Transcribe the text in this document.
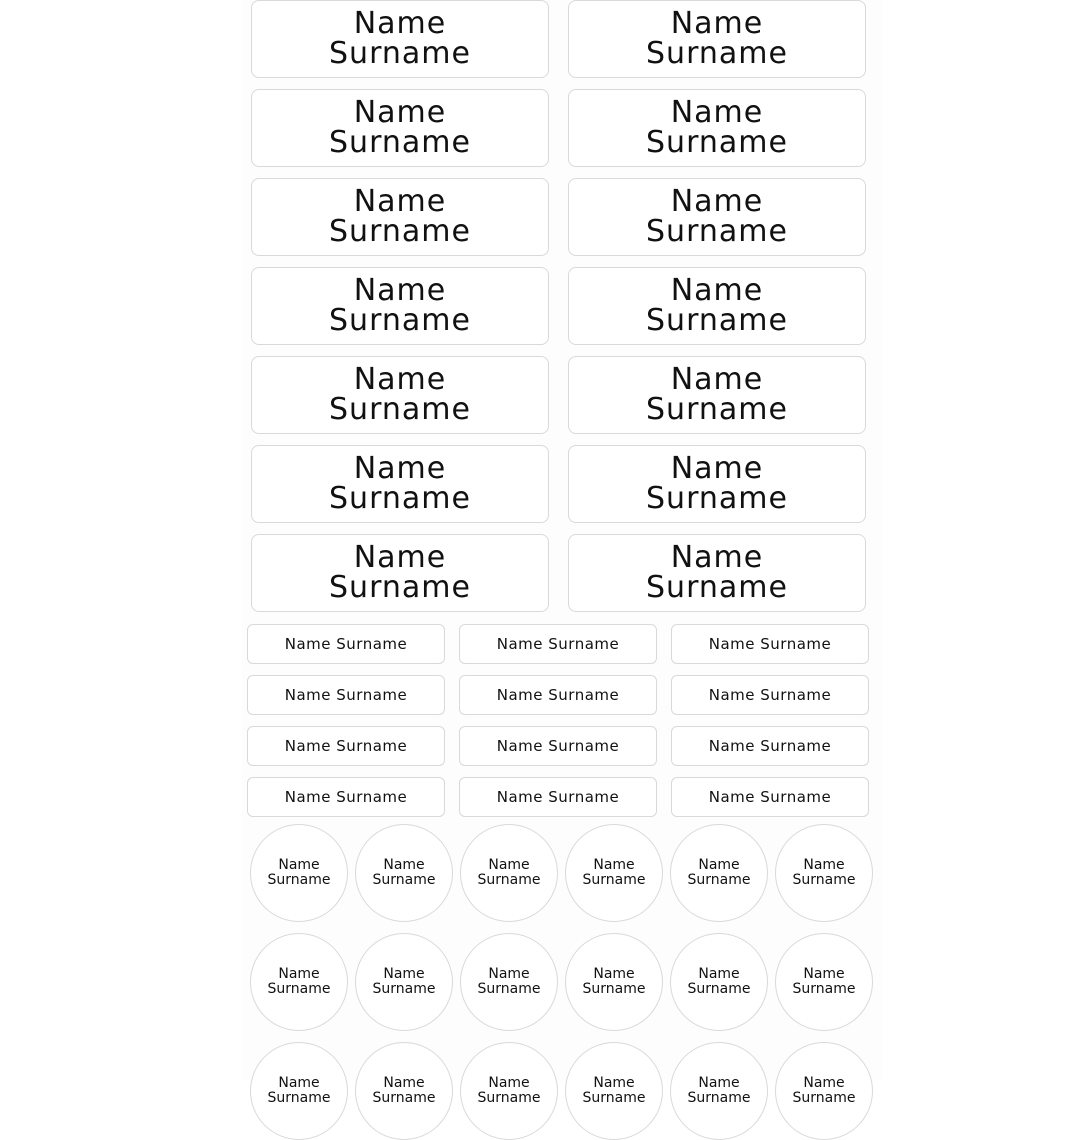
Name
Surname
Name
Surname
Name
Surname
Name
Surname
Name
Surname
Name
Surname
Name
Surname
Name
Surname
Name
Surname
Name
Surname
Name
Surname
Name
Surname
Name
Surname
Name
Surname
Name Surname	Name Surname	Name Surname
Name Surname	Name Surname	Name Surname
Name Surname	Name Surname	Name Surname
Name Surname	Name Surname	Name Surname
Name
Surname
Name
Surname
Name
Surname
Name
Surname
Name
Surname
Name
Surname
Name
Surname
Name
Surname
Name
Surname
Name
Surname
Name
Surname
Name
Surname
Name
Surname
Name
Surname
Name
Surname
Name
Surname
Name
Surname
Name
Surname
